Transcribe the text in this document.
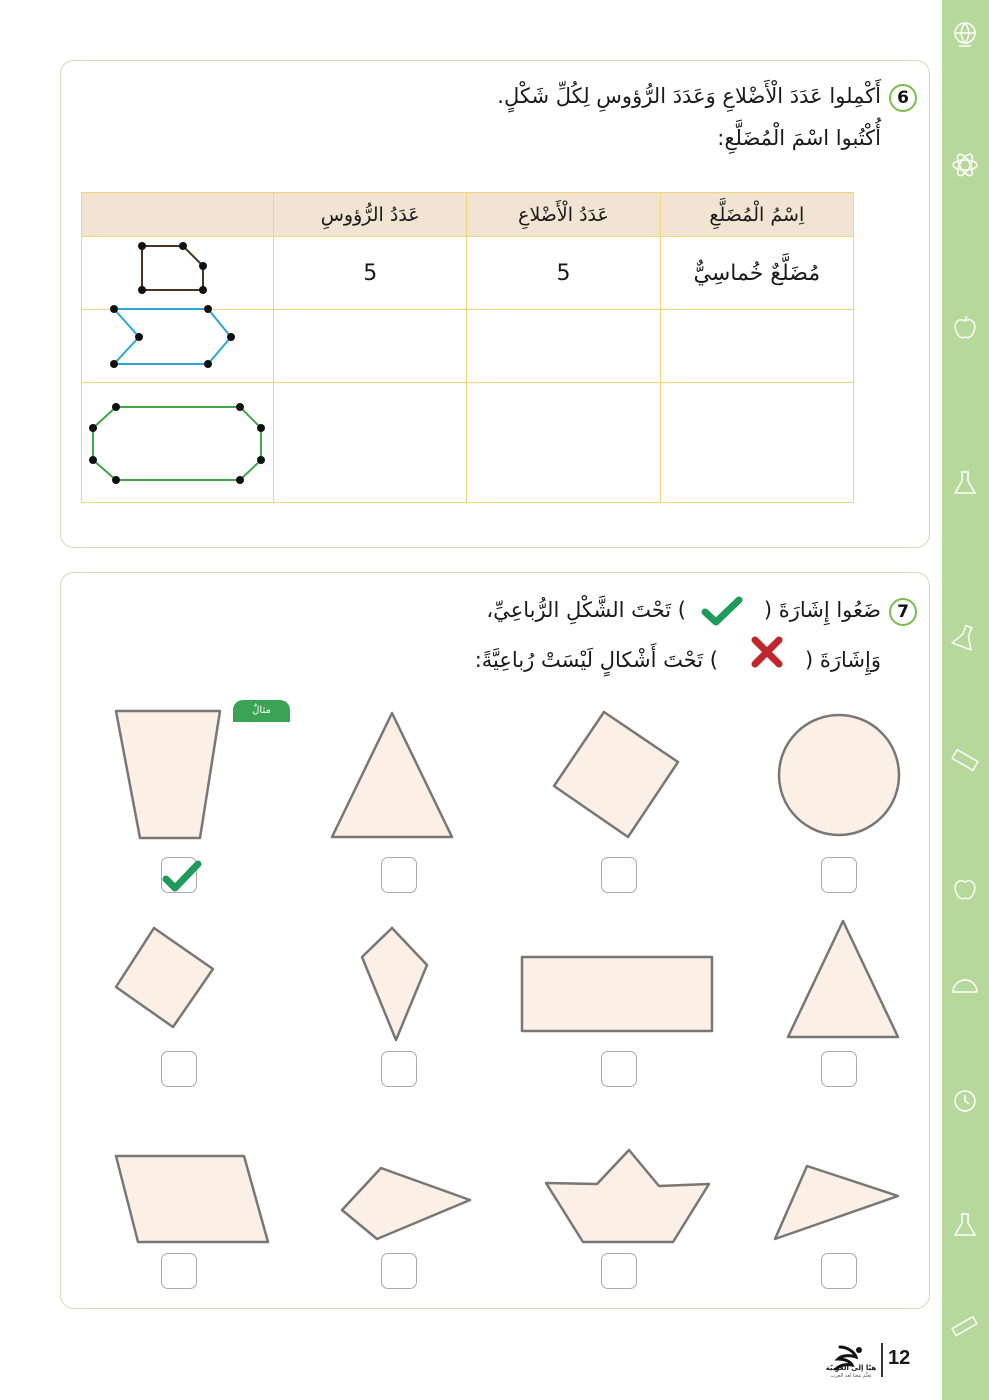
6
أَكْمِلوا عَدَدَ الْأَضْلاعِ وَعَدَدَ الرُّؤوسِ لِكُلِّ شَكْلٍ.
أُكْتُبوا اسْمَ الْمُضَلَّعِ:
اِسْمُ الْمُضَلَّعِ	عَدَدُ الْأَضْلاعِ	عَدَدُ الرُّؤوسِ	
مُضَلَّعٌ خُماسِيٌّ	5	5	

7
) تَحْتَ الشَّكْلِ الرُّباعِيِّ،	ضَعُوا إِشَارَةَ (
) تَحْتَ أَشْكالٍ لَيْسَتْ رُباعِيَّةً:	وَإِشَارَةَ (
مثالٌ
12
هيّا إلى العربيّة
تعلّم مَعنا لغة العرب
